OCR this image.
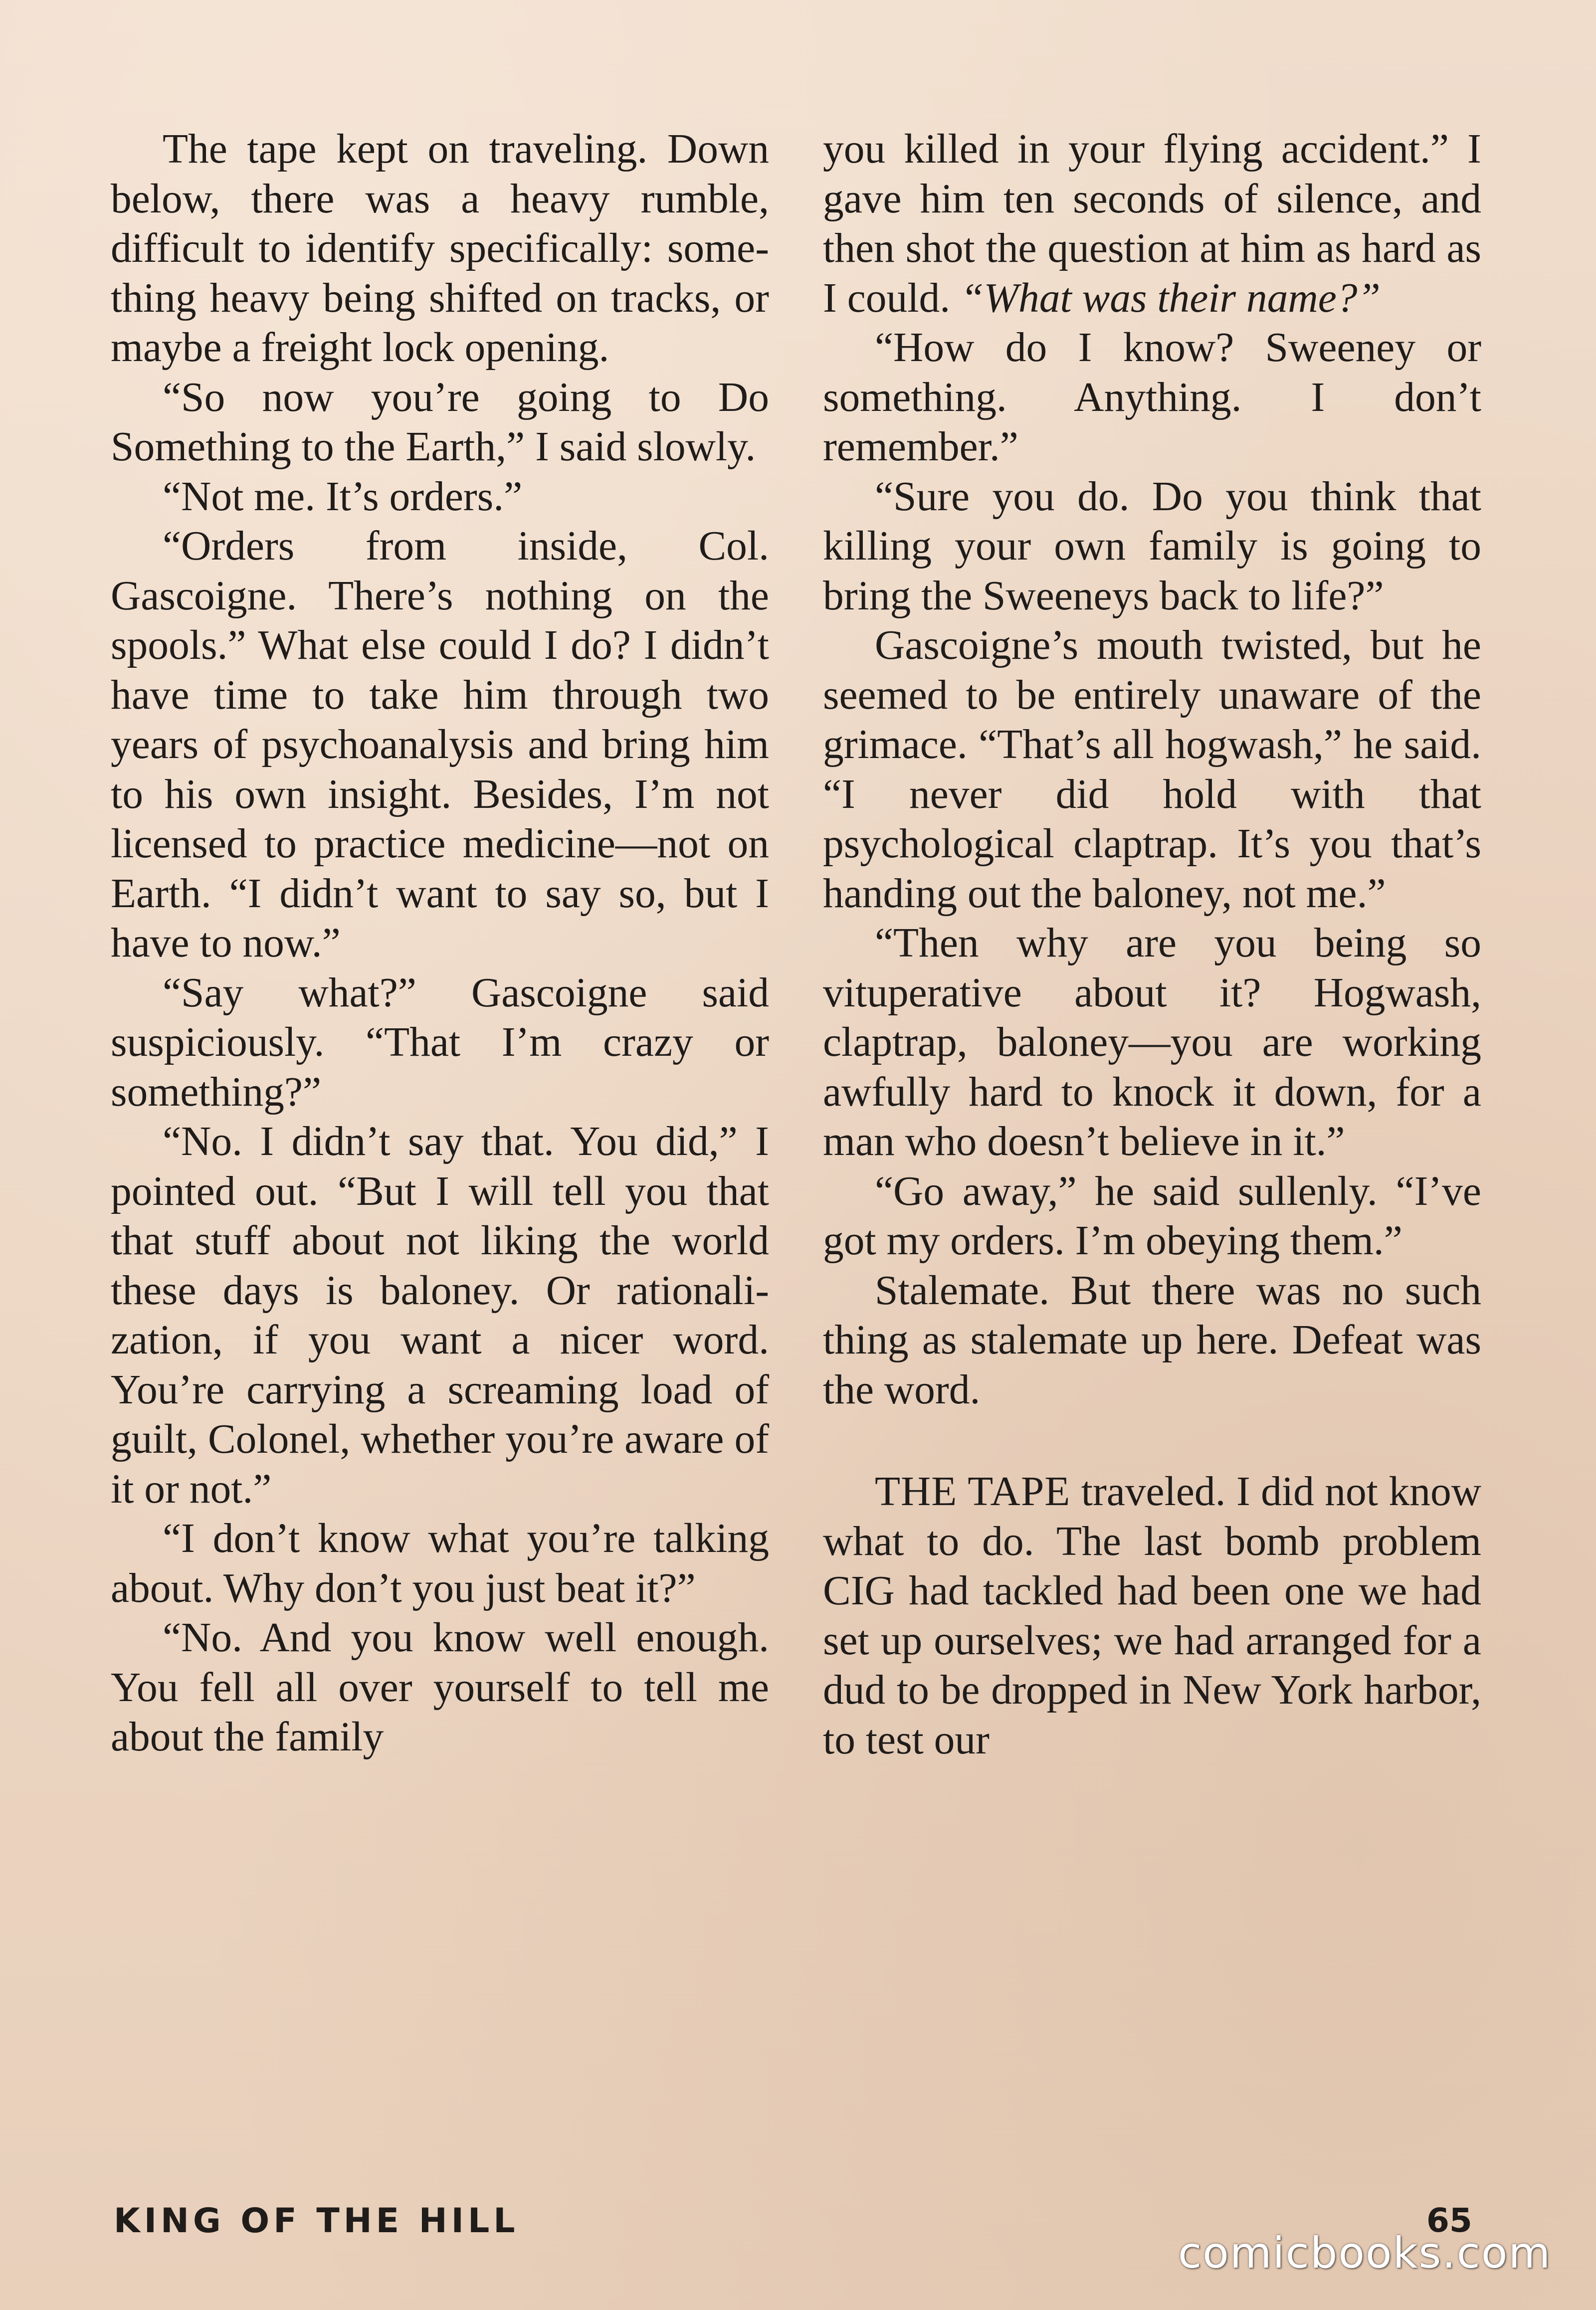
The tape kept on traveling. Down below, there was a heavy rumble, difficult to identify specifically: something heavy being shifted on tracks, or maybe a freight lock opening.

“So now you’re going to Do Something to the Earth,” I said slowly.

“Not me. It’s orders.”

“Orders from inside, Col. Gascoigne. There’s nothing on the spools.” What else could I do? I didn’t have time to take him through two years of psychoanalysis and bring him to his own insight. Besides, I’m not licensed to practice medicine—not on Earth. “I didn’t want to say so, but I have to now.”

“Say what?” Gascoigne said suspiciously. “That I’m crazy or something?”

“No. I didn’t say that. You did,” I pointed out. “But I will tell you that that stuff about not liking the world these days is baloney. Or rationalization, if you want a nicer word. You’re carrying a screaming load of guilt, Colonel, whether you’re aware of it or not.”

“I don’t know what you’re talking about. Why don’t you just beat it?”

“No. And you know well enough. You fell all over yourself to tell me about the family

you killed in your flying accident.” I gave him ten seconds of silence, and then shot the question at him as hard as I could. “What was their name?”

“How do I know? Sweeney or something. Anything. I don’t remember.”

“Sure you do. Do you think that killing your own family is going to bring the Sweeneys back to life?”

Gascoigne’s mouth twisted, but he seemed to be entirely unaware of the grimace. “That’s all hogwash,” he said. “I never did hold with that psychological claptrap. It’s you that’s handing out the baloney, not me.”

“Then why are you being so vituperative about it? Hogwash, claptrap, baloney—you are working awfully hard to knock it down, for a man who doesn’t believe in it.”

“Go away,” he said sullenly. “I’ve got my orders. I’m obeying them.”

Stalemate. But there was no such thing as stalemate up here. Defeat was the word.

THE TAPE traveled. I did not know what to do. The last bomb problem CIG had tackled had been one we had set up ourselves; we had arranged for a dud to be dropped in New York harbor, to test our

KING OF THE HILL	65
comicbooks.com
